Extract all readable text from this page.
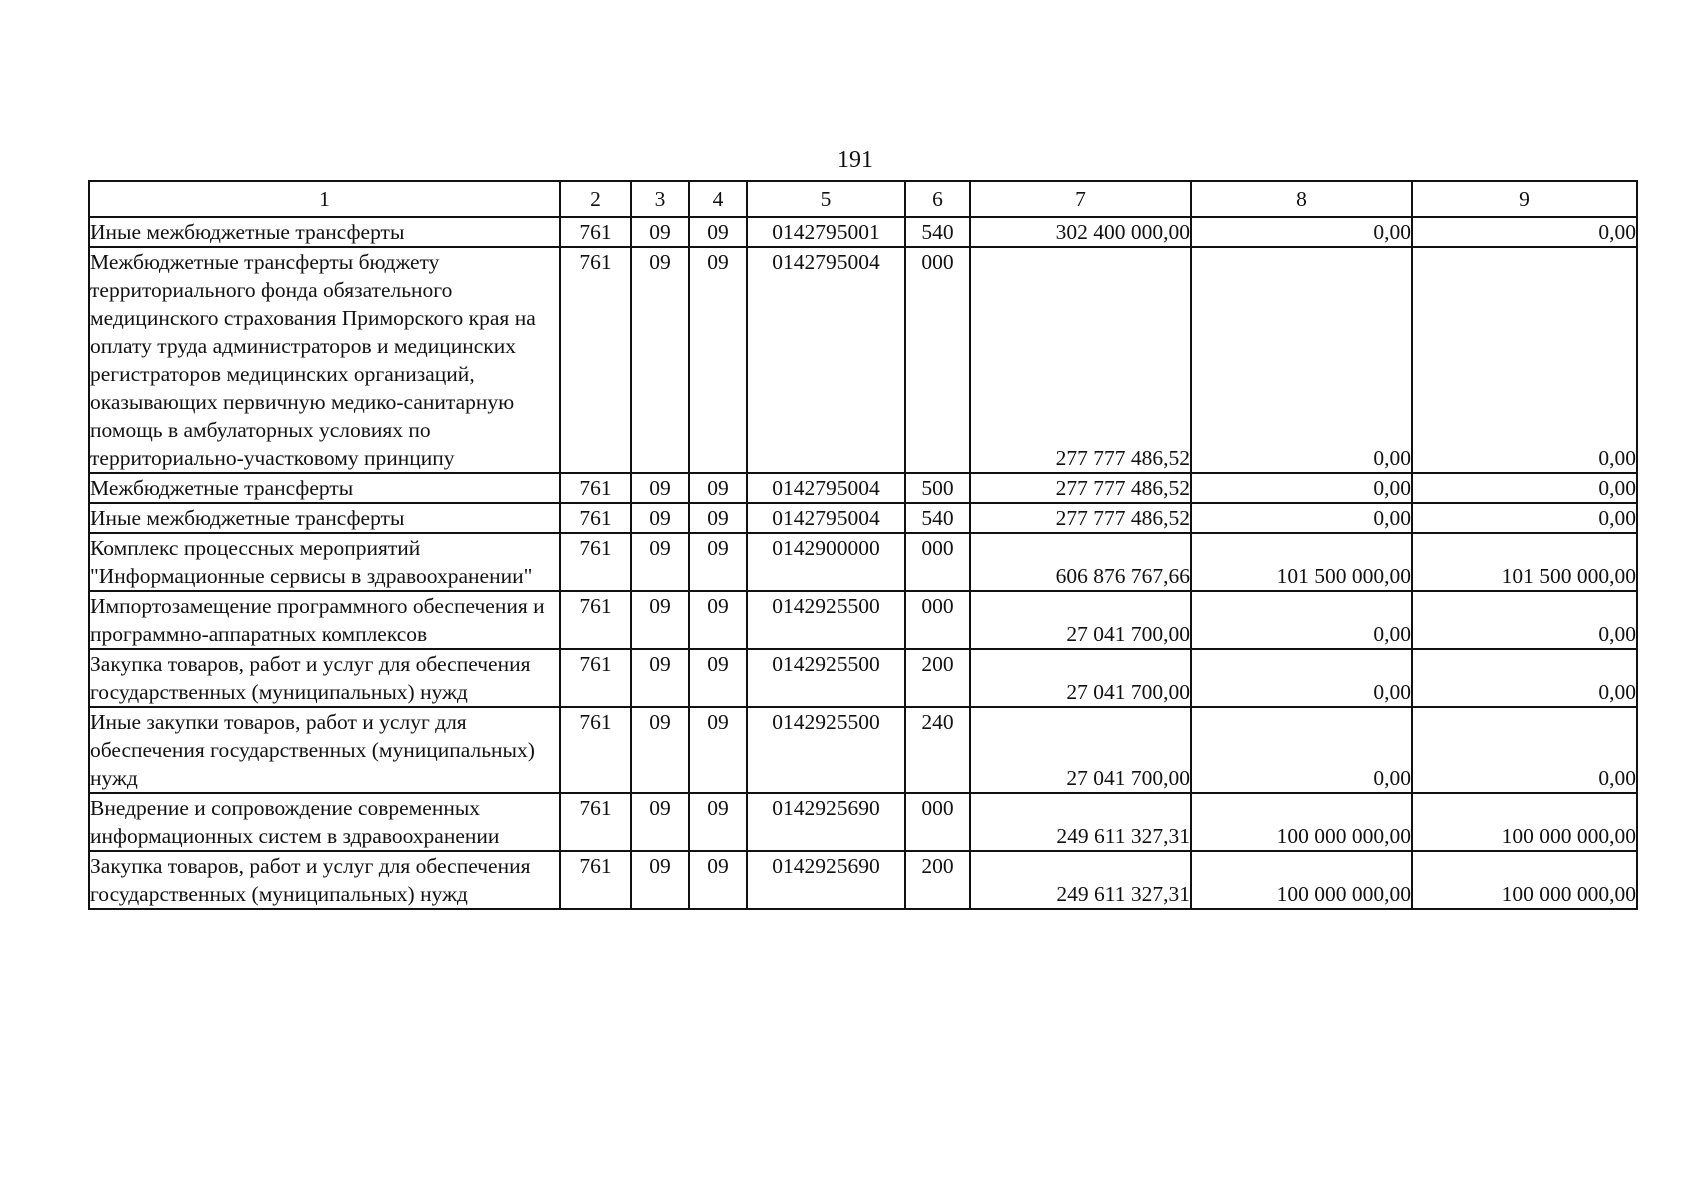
191
1	2	3	4	5	6	7	8	9
Иные межбюджетные трансферты	761	09	09	0142795001	540	302 400 000,00	0,00	0,00
Межбюджетные трансферты бюджету территориального фонда обязательного медицинского страхования Приморского края на оплату труда администраторов и медицинских регистраторов медицинских организаций, оказывающих первичную медико-санитарную помощь в амбулаторных условиях по территориально-участковому принципу	761	09	09	0142795004	000	277 777 486,52	0,00	0,00
Межбюджетные трансферты	761	09	09	0142795004	500	277 777 486,52	0,00	0,00
Иные межбюджетные трансферты	761	09	09	0142795004	540	277 777 486,52	0,00	0,00
Комплекс процессных мероприятий "Информационные сервисы в здравоохранении"	761	09	09	0142900000	000	606 876 767,66	101 500 000,00	101 500 000,00
Импортозамещение программного обеспечения и программно-аппаратных комплексов	761	09	09	0142925500	000	27 041 700,00	0,00	0,00
Закупка товаров, работ и услуг для обеспечения государственных (муниципальных) нужд	761	09	09	0142925500	200	27 041 700,00	0,00	0,00
Иные закупки товаров, работ и услуг для обеспечения государственных (муниципальных) нужд	761	09	09	0142925500	240	27 041 700,00	0,00	0,00
Внедрение и сопровождение современных информационных систем в здравоохранении	761	09	09	0142925690	000	249 611 327,31	100 000 000,00	100 000 000,00
Закупка товаров, работ и услуг для обеспечения государственных (муниципальных) нужд	761	09	09	0142925690	200	249 611 327,31	100 000 000,00	100 000 000,00
